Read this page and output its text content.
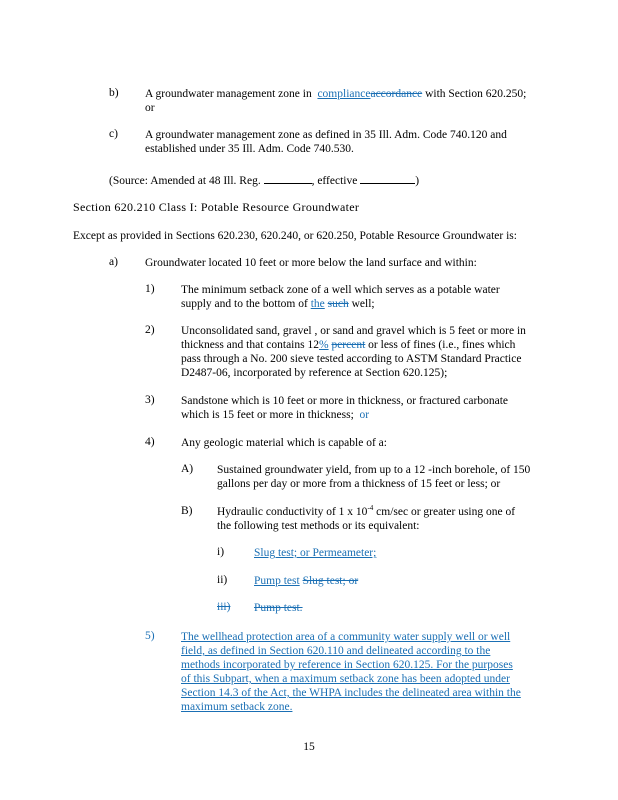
b) A groundwater management zone in complianceaccordance with Section 620.250;

or

c) A groundwater management zone as defined in 35 Ill. Adm. Code 740.120 and

established under 35 Ill. Adm. Code 740.530.

(Source: Amended at 48 Ill. Reg.	, effective	)

Section 620.210 Class I: Potable Resource Groundwater
Except as provided in Sections 620.230, 620.240, or 620.250, Potable Resource Groundwater is:
a) Groundwater located 10 feet or more below the land surface and within:
1) The minimum setback zone of a well which serves as a potable water

supply and to the bottom of the such well;

2) Unconsolidated sand, gravel , or sand and gravel which is 5 feet or more in

thickness and that contains 12% percent or less of fines (i.e., fines which

pass through a No. 200 sieve tested according to ASTM Standard Practice

D2487-06, incorporated by reference at Section 620.125);

3) Sandstone which is 10 feet or more in thickness, or fractured carbonate

which is 15 feet or more in thickness; or

4) Any geologic material which is capable of a:
A) Sustained groundwater yield, from up to a 12 -inch borehole, of 150

gallons per day or more from a thickness of 15 feet or less; or

B) Hydraulic conductivity of 1 x $10^{-4}$ cm/sec or greater using one of

the following test methods or its equivalent:

i)	Slug test; or Permeameter;

ii) Pump test Slug test; or

iii) Pump test.

5) The wellhead protection area of a community water supply well or well

field, as defined in Section 620.110 and delineated according to the

methods incorporated by reference in Section 620.125. For the purposes

of this Subpart, when a maximum setback zone has been adopted under

Section 14.3 of the Act, the WHPA includes the delineated area within the

maximum setback zone.

15
